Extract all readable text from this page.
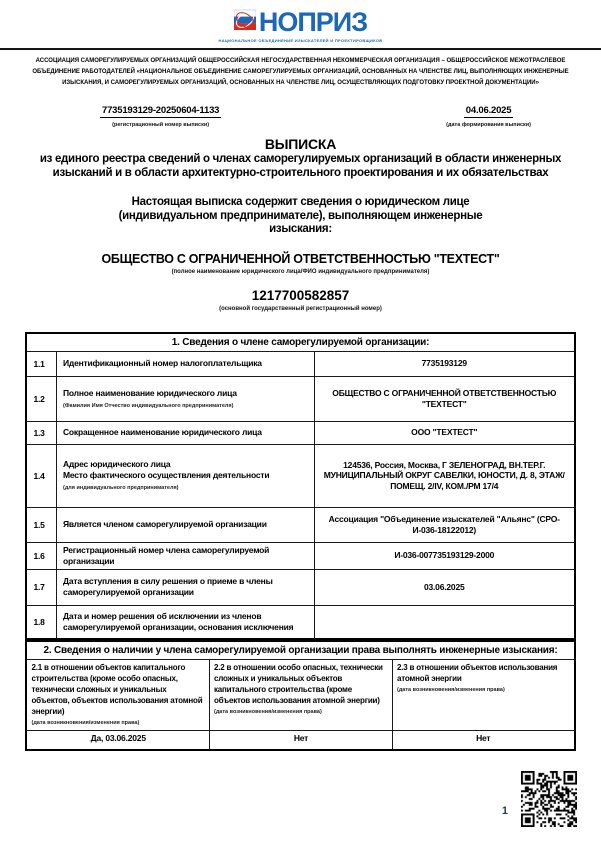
НОПРИЗ
НАЦИОНАЛЬНОЕ ОБЪЕДИНЕНИЕ ИЗЫСКАТЕЛЕЙ И ПРОЕКТИРОВЩИКОВ

АССОЦИАЦИЯ САМОРЕГУЛИРУЕМЫХ ОРГАНИЗАЦИЙ ОБЩЕРОССИЙСКАЯ НЕГОСУДАРСТВЕННАЯ НЕКОММЕРЧЕСКАЯ ОРГАНИЗАЦИЯ – ОБЩЕРОССИЙСКОЕ МЕЖОТРАСЛЕВОЕ ОБЪЕДИНЕНИЕ РАБОТОДАТЕЛЕЙ «НАЦИОНАЛЬНОЕ ОБЪЕДИНЕНИЕ САМОРЕГУЛИРУЕМЫХ ОРГАНИЗАЦИЙ, ОСНОВАННЫХ НА ЧЛЕНСТВЕ ЛИЦ, ВЫПОЛНЯЮЩИХ ИНЖЕНЕРНЫЕ ИЗЫСКАНИЯ, И САМОРЕГУЛИРУЕМЫХ ОРГАНИЗАЦИЙ, ОСНОВАННЫХ НА ЧЛЕНСТВЕ ЛИЦ, ОСУЩЕСТВЛЯЮЩИХ ПОДГОТОВКУ ПРОЕКТНОЙ ДОКУМЕНТАЦИИ»

7735193129-20250604-1133
(регистрационный номер выписки)
04.06.2025
(дата формирования выписки)
ВЫПИСКА

из единого реестра сведений о членах саморегулируемых организаций в области инженерных
изысканий и в области архитектурно-строительного проектирования и их обязательствах

Настоящая выписка содержит сведения о юридическом лице
(индивидуальном предпринимателе), выполняющем инженерные
изыскания:

ОБЩЕСТВО С ОГРАНИЧЕННОЙ ОТВЕТСТВЕННОСТЬЮ "ТЕХТЕСТ"

(полное наименование юридического лица/ФИО индивидуального предпринимателя)

1217700582857

(основной государственный регистрационный номер)

1. Сведения о члене саморегулируемой организации:		
1.1	Идентификационный номер налогоплательщика	7735193129
1.2	Полное наименование юридического лица
(Фамилия Имя Отчество индивидуального предпринимателя)	ОБЩЕСТВО С ОГРАНИЧЕННОЙ ОТВЕТСТВЕННОСТЬЮ "ТЕХТЕСТ"
1.3	Сокращенное наименование юридического лица	ООО "ТЕХТЕСТ"
1.4	Адрес юридического лица
Место фактического осуществления деятельности
(для индивидуального предпринимателя)	124536, Россия, Москва, Г ЗЕЛЕНОГРАД, ВН.ТЕР.Г. МУНИЦИПАЛЬНЫЙ ОКРУГ САВЕЛКИ, ЮНОСТИ, Д. 8, ЭТАЖ/ПОМЕЩ. 2/IV, КОМ./РМ 17/4
1.5	Является членом саморегулируемой организации	Ассоциация "Объединение изыскателей "Альянс" (СРО-И-036-18122012)
1.6	Регистрационный номер члена саморегулируемой организации	И-036-007735193129-2000
1.7	Дата вступления в силу решения о приеме в члены саморегулируемой организации	03.06.2025
1.8	Дата и номер решения об исключении из членов саморегулируемой организации, основания исключения	
2. Сведения о наличии у члена саморегулируемой организации права выполнять инженерные изыскания:		
2.1 в отношении объектов капитального строительства (кроме особо опасных, технически сложных и уникальных объектов, объектов использования атомной энергии)
(дата возникновения/изменения права)	2.2 в отношении особо опасных, технически сложных и уникальных объектов капитального строительства (кроме объектов использования атомной энергии)
(дата возникновения/изменения права)	2.3 в отношении объектов использования атомной энергии
(дата возникновения/изменения права)

Да, 03.06.2025	Нет	Нет
1
